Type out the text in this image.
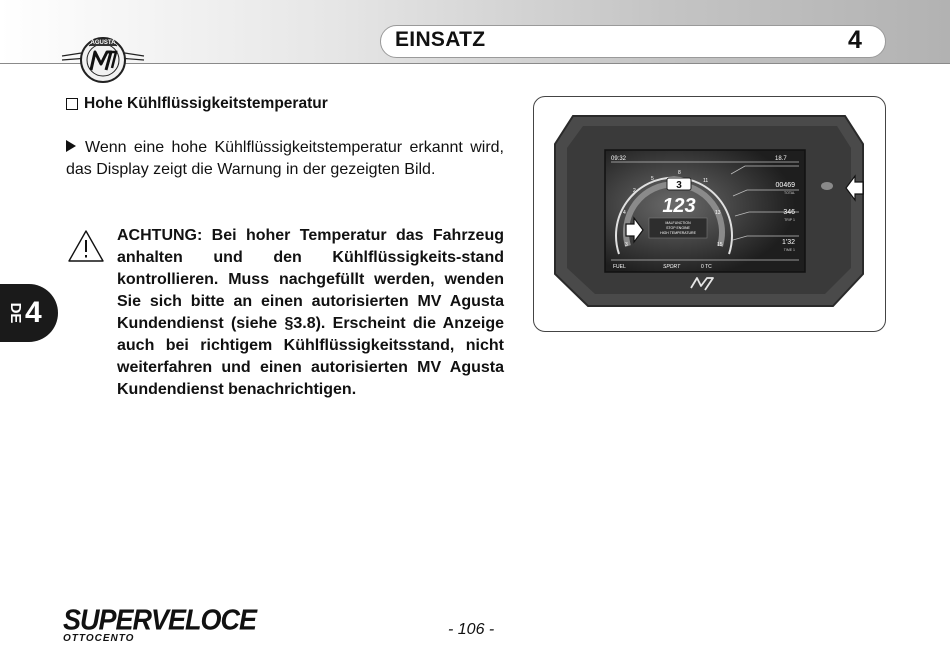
AGUSTA	EINSATZ	4
Hohe Kühlflüssigkeitstemperatur
Wenn eine hohe Kühlflüssigkeitstemperatur erkannt wird, das Display zeigt die Warnung in der gezeigten Bild.
ACHTUNG: Bei hoher Temperatur das Fahrzeug anhalten und den Kühlflüssigkeits-stand kontrollieren. Muss nachgefüllt werden, wenden Sie sich bitte an einen autorisierten MV Agusta Kundendienst (siehe §3.8). Erscheint die Anzeige auch bei richtigem Kühlflüssigkeitsstand, nicht weiterfahren und einen autorisierten MV Agusta Kundendienst benachrichtigen.
DE 4
09:32	18.7
3
4
2
5
8
11
13
15
3
123
MALFUNCTION
STOP ENGINE
HIGH TEMPERATURE
00469
TOTAL
346
TRIP 1
1'32
TIME 1
FUEL	SPORT	0 TC
SUPERVELOCE
OTTOCENTO
- 106 -
